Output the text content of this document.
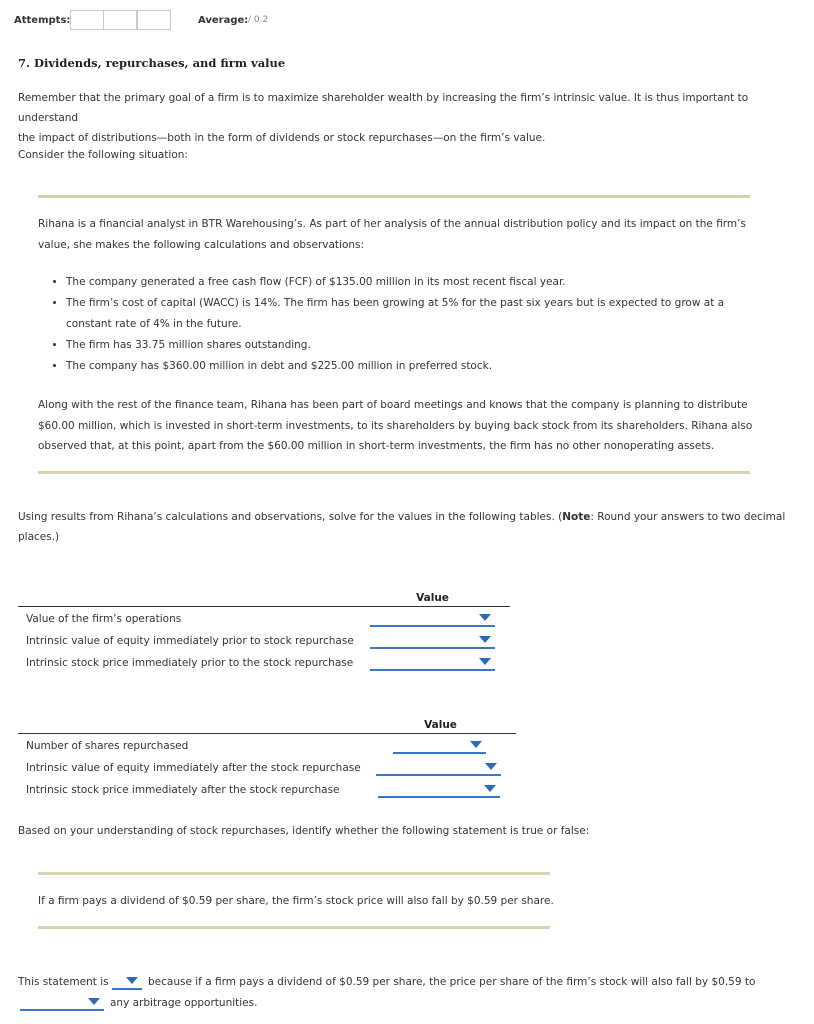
Attempts:	Average: / 0.2
7. Dividends, repurchases, and firm value
Remember that the primary goal of a firm is to maximize shareholder wealth by increasing the firm’s intrinsic value. It is thus important to understand
the impact of distributions—both in the form of dividends or stock repurchases—on the firm’s value.
Consider the following situation:
Rihana is a financial analyst in BTR Warehousing’s. As part of her analysis of the annual distribution policy and its impact on the firm’s
value, she makes the following calculations and observations:
• The company generated a free cash flow (FCF) of $135.00 million in its most recent fiscal year.
• The firm’s cost of capital (WACC) is 14%. The firm has been growing at 5% for the past six years but is expected to grow at a
constant rate of 4% in the future.
• The firm has 33.75 million shares outstanding.
• The company has $360.00 million in debt and $225.00 million in preferred stock.
Along with the rest of the finance team, Rihana has been part of board meetings and knows that the company is planning to distribute
$60.00 million, which is invested in short-term investments, to its shareholders by buying back stock from its shareholders. Rihana also
observed that, at this point, apart from the $60.00 million in short-term investments, the firm has no other nonoperating assets.
Using results from Rihana’s calculations and observations, solve for the values in the following tables. (Note: Round your answers to two decimal
places.)
Value
Value of the firm’s operations
Intrinsic value of equity immediately prior to stock repurchase
Intrinsic stock price immediately prior to the stock repurchase
Value
Number of shares repurchased
Intrinsic value of equity immediately after the stock repurchase
Intrinsic stock price immediately after the stock repurchase
Based on your understanding of stock repurchases, identify whether the following statement is true or false:
If a firm pays a dividend of $0.59 per share, the firm’s stock price will also fall by $0.59 per share.
This statement is	because if a firm pays a dividend of $0.59 per share, the price per share of the firm’s stock will also fall by $0.59 to
any arbitrage opportunities.
